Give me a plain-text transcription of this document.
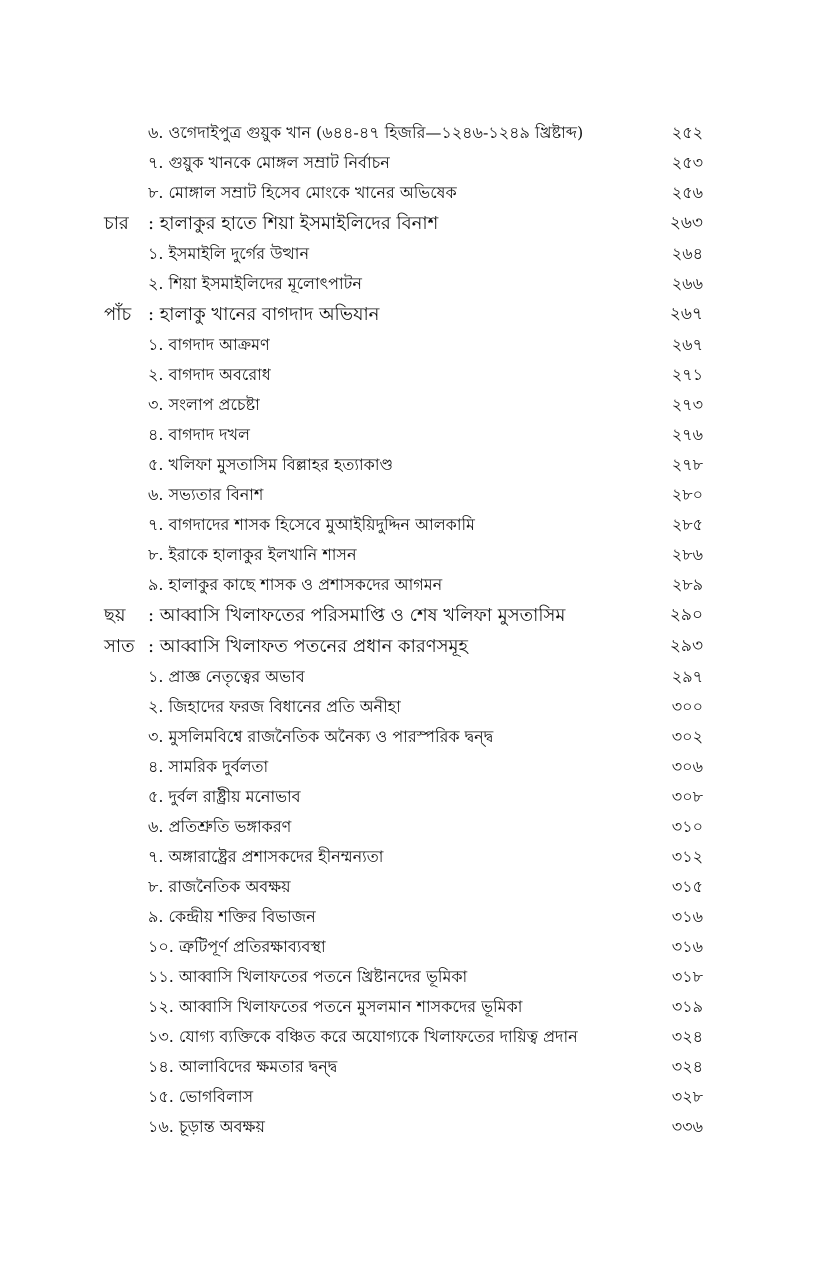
৬. ওগেদাইপুত্র গুয়ুক খান (৬৪৪-৪৭ হিজরি—১২৪৬-১২৪৯ খ্রিষ্টাব্দ)	২৫২
৭. গুয়ুক খানকে মোঙ্গল সম্রাট নির্বাচন	২৫৩
৮. মোঙ্গাল সম্রাট হিসেব মোংকে খানের অভিষেক	২৫৬
চার : হালাকুর হাতে শিয়া ইসমাইলিদের বিনাশ	২৬৩
১. ইসমাইলি দুর্গের উত্থান	২৬৪
২. শিয়া ইসমাইলিদের মূলোৎপাটন	২৬৬
পাঁচ : হালাকু খানের বাগদাদ অভিযান	২৬৭
১. বাগদাদ আক্রমণ	২৬৭
২. বাগদাদ অবরোধ	২৭১
৩. সংলাপ প্রচেষ্টা	২৭৩
৪. বাগদাদ দখল	২৭৬
৫. খলিফা মুসতাসিম বিল্লাহর হত্যাকাণ্ড	২৭৮
৬. সভ্যতার বিনাশ	২৮০
৭. বাগদাদের শাসক হিসেবে মুআইয়িদুদ্দিন আলকামি	২৮৫
৮. ইরাকে হালাকুর ইলখানি শাসন	২৮৬
৯. হালাকুর কাছে শাসক ও প্রশাসকদের আগমন	২৮৯
ছয় : আব্বাসি খিলাফতের পরিসমাপ্তি ও শেষ খলিফা মুসতাসিম	২৯০
সাত : আব্বাসি খিলাফত পতনের প্রধান কারণসমূহ	২৯৩
১. প্রাজ্ঞ নেতৃত্বের অভাব	২৯৭
২. জিহাদের ফরজ বিধানের প্রতি অনীহা	৩০০
৩. মুসলিমবিশ্বে রাজনৈতিক অনৈক্য ও পারস্পরিক দ্বন্দ্ব	৩০২
৪. সামরিক দুর্বলতা	৩০৬
৫. দুর্বল রাষ্ট্রীয় মনোভাব	৩০৮
৬. প্রতিশ্রুতি ভঙ্গাকরণ	৩১০
৭. অঙ্গারাষ্ট্রের প্রশাসকদের হীনম্মন্যতা	৩১২
৮. রাজনৈতিক অবক্ষয়	৩১৫
৯. কেন্দ্রীয় শক্তির বিভাজন	৩১৬
১০. ত্রুটিপূর্ণ প্রতিরক্ষাব্যবস্থা	৩১৬
১১. আব্বাসি খিলাফতের পতনে খ্রিষ্টানদের ভূমিকা	৩১৮
১২. আব্বাসি খিলাফতের পতনে মুসলমান শাসকদের ভূমিকা	৩১৯
১৩. যোগ্য ব্যক্তিকে বঞ্চিত করে অযোগ্যকে খিলাফতের দায়িত্ব প্রদান	৩২৪
১৪. আলাবিদের ক্ষমতার দ্বন্দ্ব	৩২৪
১৫. ভোগবিলাস	৩২৮
১৬. চূড়ান্ত অবক্ষয়	৩৩৬
